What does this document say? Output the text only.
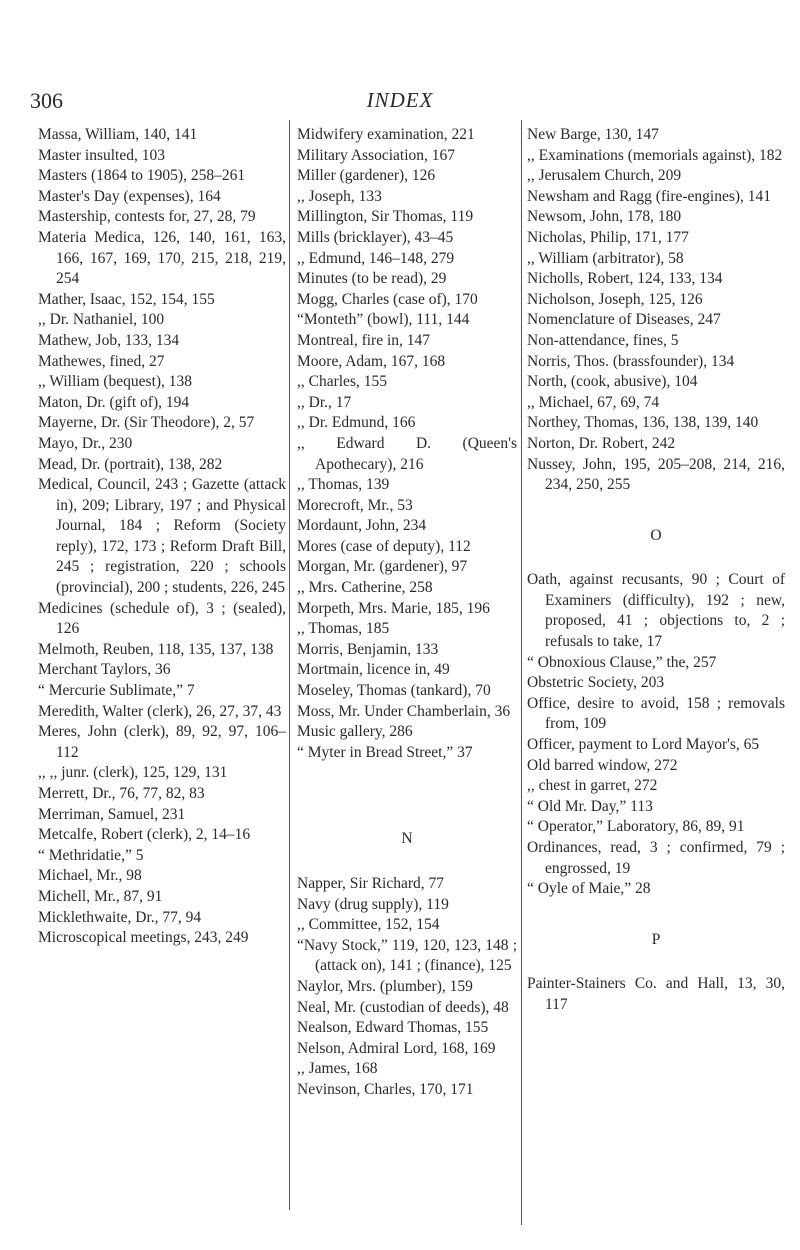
306	INDEX
Massa, William, 140, 141
Master insulted, 103
Masters (1864 to 1905), 258–261
Master's Day (expenses), 164
Mastership, contests for, 27, 28, 79
Materia Medica, 126, 140, 161, 163, 166, 167, 169, 170, 215, 218, 219, 254
Mather, Isaac, 152, 154, 155
,, Dr. Nathaniel, 100
Mathew, Job, 133, 134
Mathewes, fined, 27
,, William (bequest), 138
Maton, Dr. (gift of), 194
Mayerne, Dr. (Sir Theodore), 2, 57
Mayo, Dr., 230
Mead, Dr. (portrait), 138, 282
Medical, Council, 243 ; Gazette (attack in), 209; Library, 197 ; and Physical Journal, 184 ; Reform (Society reply), 172, 173 ; Reform Draft Bill, 245 ; registration, 220 ; schools (provincial), 200 ; students, 226, 245
Medicines (schedule of), 3 ; (sealed), 126
Melmoth, Reuben, 118, 135, 137, 138
Merchant Taylors, 36
“ Mercurie Sublimate,” 7
Meredith, Walter (clerk), 26, 27, 37, 43
Meres, John (clerk), 89, 92, 97, 106–112
,, ,, junr. (clerk), 125, 129, 131
Merrett, Dr., 76, 77, 82, 83
Merriman, Samuel, 231
Metcalfe, Robert (clerk), 2, 14–16
“ Methridatie,” 5
Michael, Mr., 98
Michell, Mr., 87, 91
Micklethwaite, Dr., 77, 94
Microscopical meetings, 243, 249
Midwifery examination, 221
Military Association, 167
Miller (gardener), 126
,, Joseph, 133
Millington, Sir Thomas, 119
Mills (bricklayer), 43–45
,, Edmund, 146–148, 279
Minutes (to be read), 29
Mogg, Charles (case of), 170
“Monteth” (bowl), 111, 144
Montreal, fire in, 147
Moore, Adam, 167, 168
,, Charles, 155
,, Dr., 17
,, Dr. Edmund, 166
,, Edward D. (Queen's Apothecary), 216
,, Thomas, 139
Morecroft, Mr., 53
Mordaunt, John, 234
Mores (case of deputy), 112
Morgan, Mr. (gardener), 97
,, Mrs. Catherine, 258
Morpeth, Mrs. Marie, 185, 196
,, Thomas, 185
Morris, Benjamin, 133
Mortmain, licence in, 49
Moseley, Thomas (tankard), 70
Moss, Mr. Under Chamberlain, 36
Music gallery, 286
“ Myter in Bread Street,” 37
N
Napper, Sir Richard, 77
Navy (drug supply), 119
,, Committee, 152, 154
“Navy Stock,” 119, 120, 123, 148 ; (attack on), 141 ; (finance), 125
Naylor, Mrs. (plumber), 159
Neal, Mr. (custodian of deeds), 48
Nealson, Edward Thomas, 155
Nelson, Admiral Lord, 168, 169
,, James, 168
Nevinson, Charles, 170, 171
New Barge, 130, 147
,, Examinations (memorials against), 182
,, Jerusalem Church, 209
Newsham and Ragg (fire-engines), 141
Newsom, John, 178, 180
Nicholas, Philip, 171, 177
,, William (arbitrator), 58
Nicholls, Robert, 124, 133, 134
Nicholson, Joseph, 125, 126
Nomenclature of Diseases, 247
Non-attendance, fines, 5
Norris, Thos. (brassfounder), 134
North, (cook, abusive), 104
,, Michael, 67, 69, 74
Northey, Thomas, 136, 138, 139, 140
Norton, Dr. Robert, 242
Nussey, John, 195, 205–208, 214, 216, 234, 250, 255
O
Oath, against recusants, 90 ; Court of Examiners (difficulty), 192 ; new, proposed, 41 ; objections to, 2 ; refusals to take, 17
“ Obnoxious Clause,” the, 257
Obstetric Society, 203
Office, desire to avoid, 158 ; removals from, 109
Officer, payment to Lord Mayor's, 65
Old barred window, 272
,, chest in garret, 272
“ Old Mr. Day,” 113
“ Operator,” Laboratory, 86, 89, 91
Ordinances, read, 3 ; confirmed, 79 ; engrossed, 19
“ Oyle of Maie,” 28
P
Painter-Stainers Co. and Hall, 13, 30, 117
